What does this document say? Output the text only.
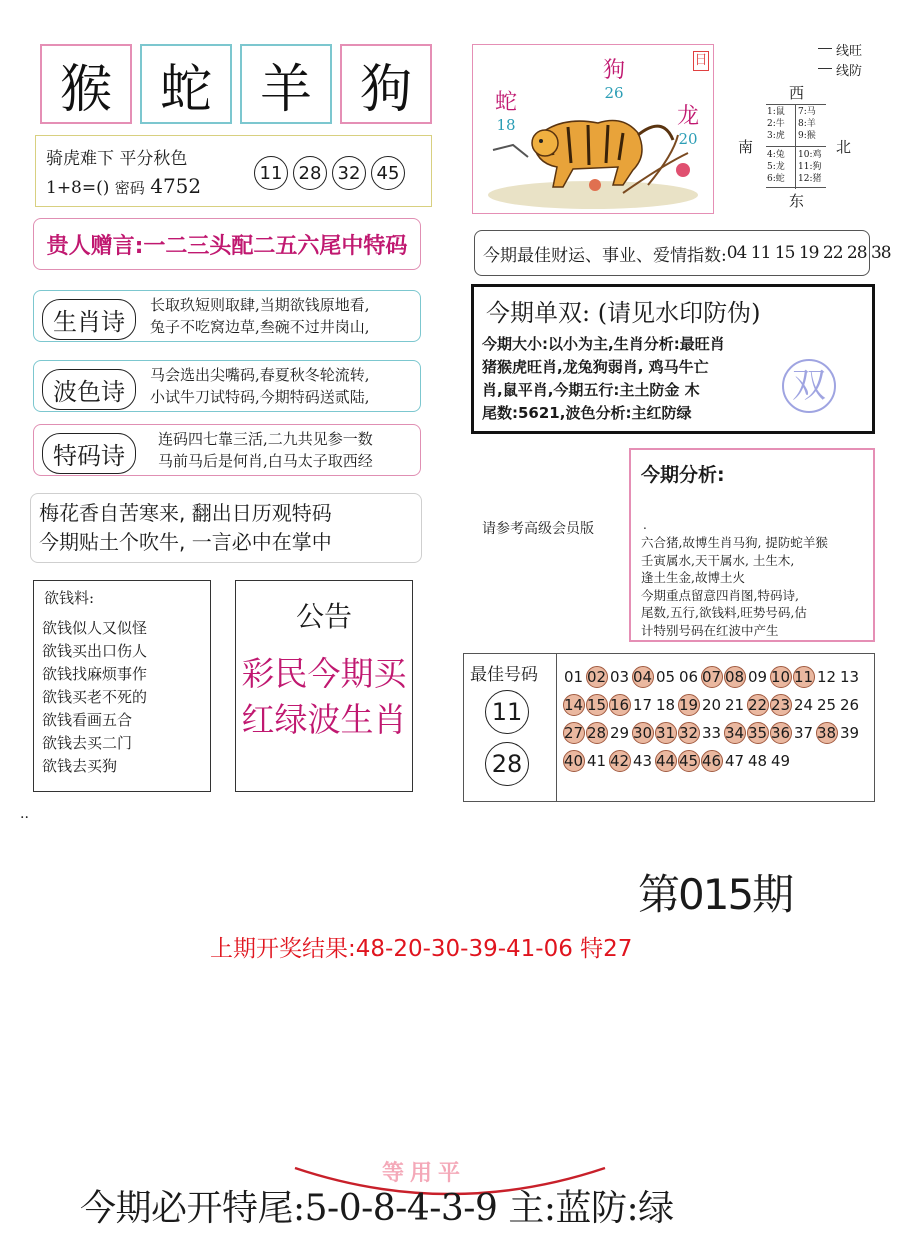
猴 蛇 羊 狗
骑虎难下 平分秋色
1+8=() 密码 4752
11 28 32 45
贵人赠言:一二三头配二五六尾中特码
生肖诗
长取玖短则取肆,当期欲钱原地看,
兔子不吃窝边草,叁碗不过井岗山,
波色诗
马会选出尖嘴码,春夏秋冬轮流转,
小试牛刀试特码,今期特码送贰陆,
特码诗
连码四七靠三活,二九共见参一数
马前马后是何肖,白马太子取西经
梅花香自苦寒来, 翻出日历观特码
今期贴土个吹牛, 一言必中在掌中
欲钱料:
欲钱似人又似怪
欲钱买出口伤人
欲钱找麻烦事作
欲钱买老不死的
欲钱看画五合
欲钱去买二门
欲钱去买狗
公告
彩民今期买
红绿波生肖
蛇
18
狗
26
龙
20
日
线旺
线防
西
南	北
东
1:鼠
2:牛
3:虎
7:马
8:羊
9:猴
4:兔
5:龙
6:蛇
10:鸡
11:狗
12:猪
今期最佳财运、事业、爱情指数: 04 11 15 19 22 28 38
今期单双: (请见水印防伪)
今期大小:以小为主,生肖分析:最旺肖
猪猴虎旺肖,龙兔狗弱肖, 鸡马牛亡
肖,鼠平肖,今期五行:主土防金 木
尾数:5621,波色分析:主红防绿
双
请参考高级会员版
今期分析:
.
六合猪,故博生肖马狗, 提防蛇羊猴
壬寅属水,天干属水, 土生木,
逢土生金,故博土火
今期重点留意四肖图,特码诗,
尾数,五行,欲钱料,旺势号码,估
计特别号码在红波中产生
最佳号码
11
28
01 02 03 04 05 06 07 08 09 10 11 12 1314 15 16 17 18 19 20 21 22 23 24 25 2627 28 29 30 31 32 33 34 35 36 37 38 3940 41 42 43 44 45 46 47 48 49
..
第015期
上期开奖结果:48-20-30-39-41-06 特27
等用平
今期必开特尾:5-0-8-4-3-9 主:蓝防:绿
